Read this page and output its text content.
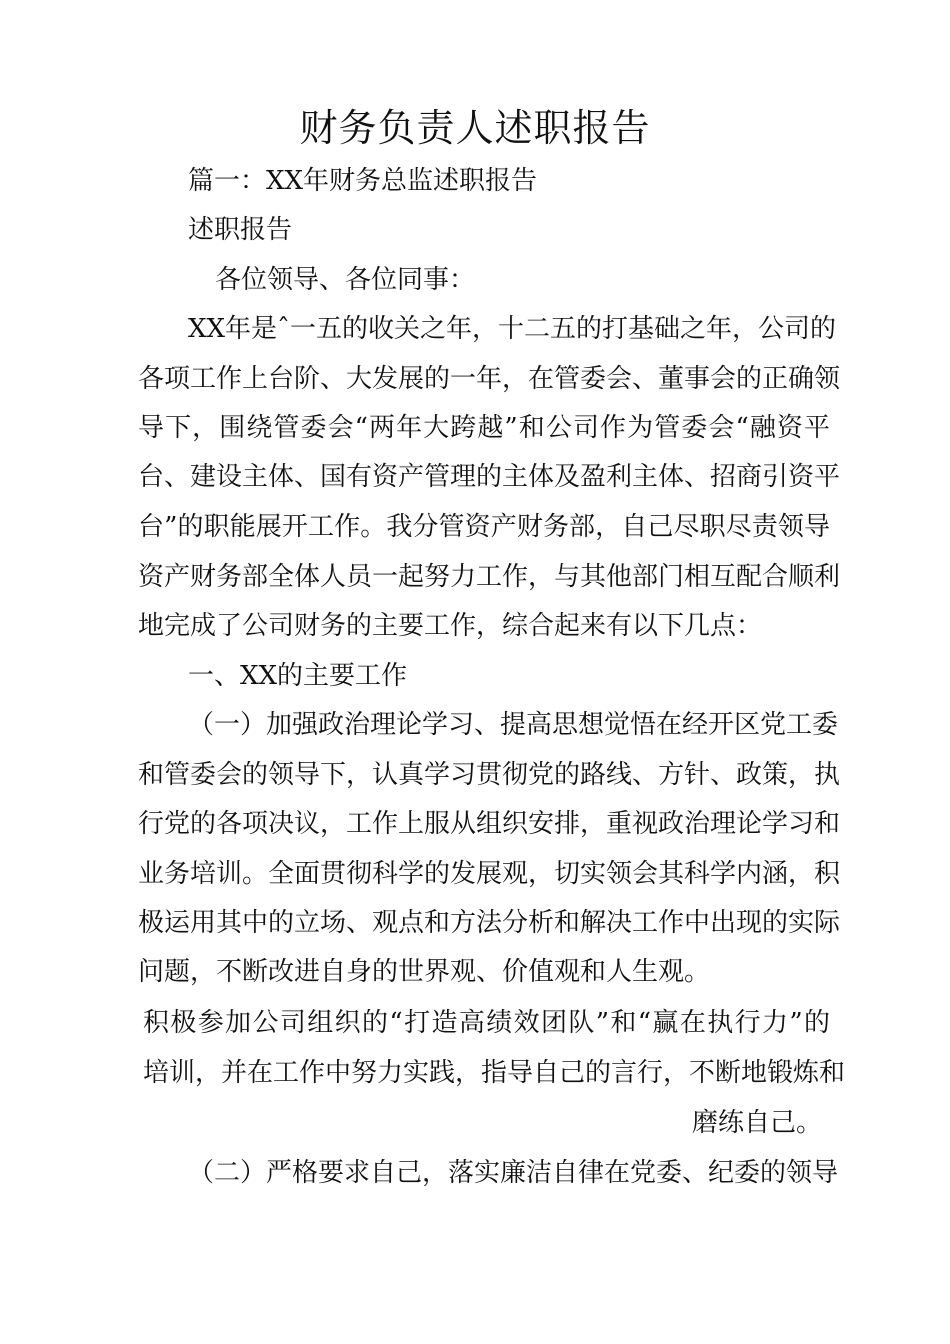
财务负责人述职报告

篇一：XX年财务总监述职报告

述职报告

各位领导、各位同事：

XX年是ˆ一五的收关之年，十二五的打基础之年，公司的

各项工作上台阶、大发展的一年，在管委会、董事会的正确领

导下，围绕管委会“两年大跨越”和公司作为管委会“融资平

台、建设主体、国有资产管理的主体及盈利主体、招商引资平

台”的职能展开工作。我分管资产财务部，自己尽职尽责领导

资产财务部全体人员一起努力工作，与其他部门相互配合顺利

地完成了公司财务的主要工作，综合起来有以下几点：

一、XX的主要工作

（一）加强政治理论学习、提高思想觉悟在经开区党工委

和管委会的领导下，认真学习贯彻党的路线、方针、政策，执

行党的各项决议，工作上服从组织安排，重视政治理论学习和

业务培训。全面贯彻科学的发展观，切实领会其科学内涵，积

极运用其中的立场、观点和方法分析和解决工作中出现的实际

问题，不断改进自身的世界观、价值观和人生观。

积极参加公司组织的“打造高绩效团队”和“赢在执行力”的

培训，并在工作中努力实践，指导自己的言行，不断地锻炼和

磨练自己。

（二）严格要求自己，落实廉洁自律在党委、纪委的领导
